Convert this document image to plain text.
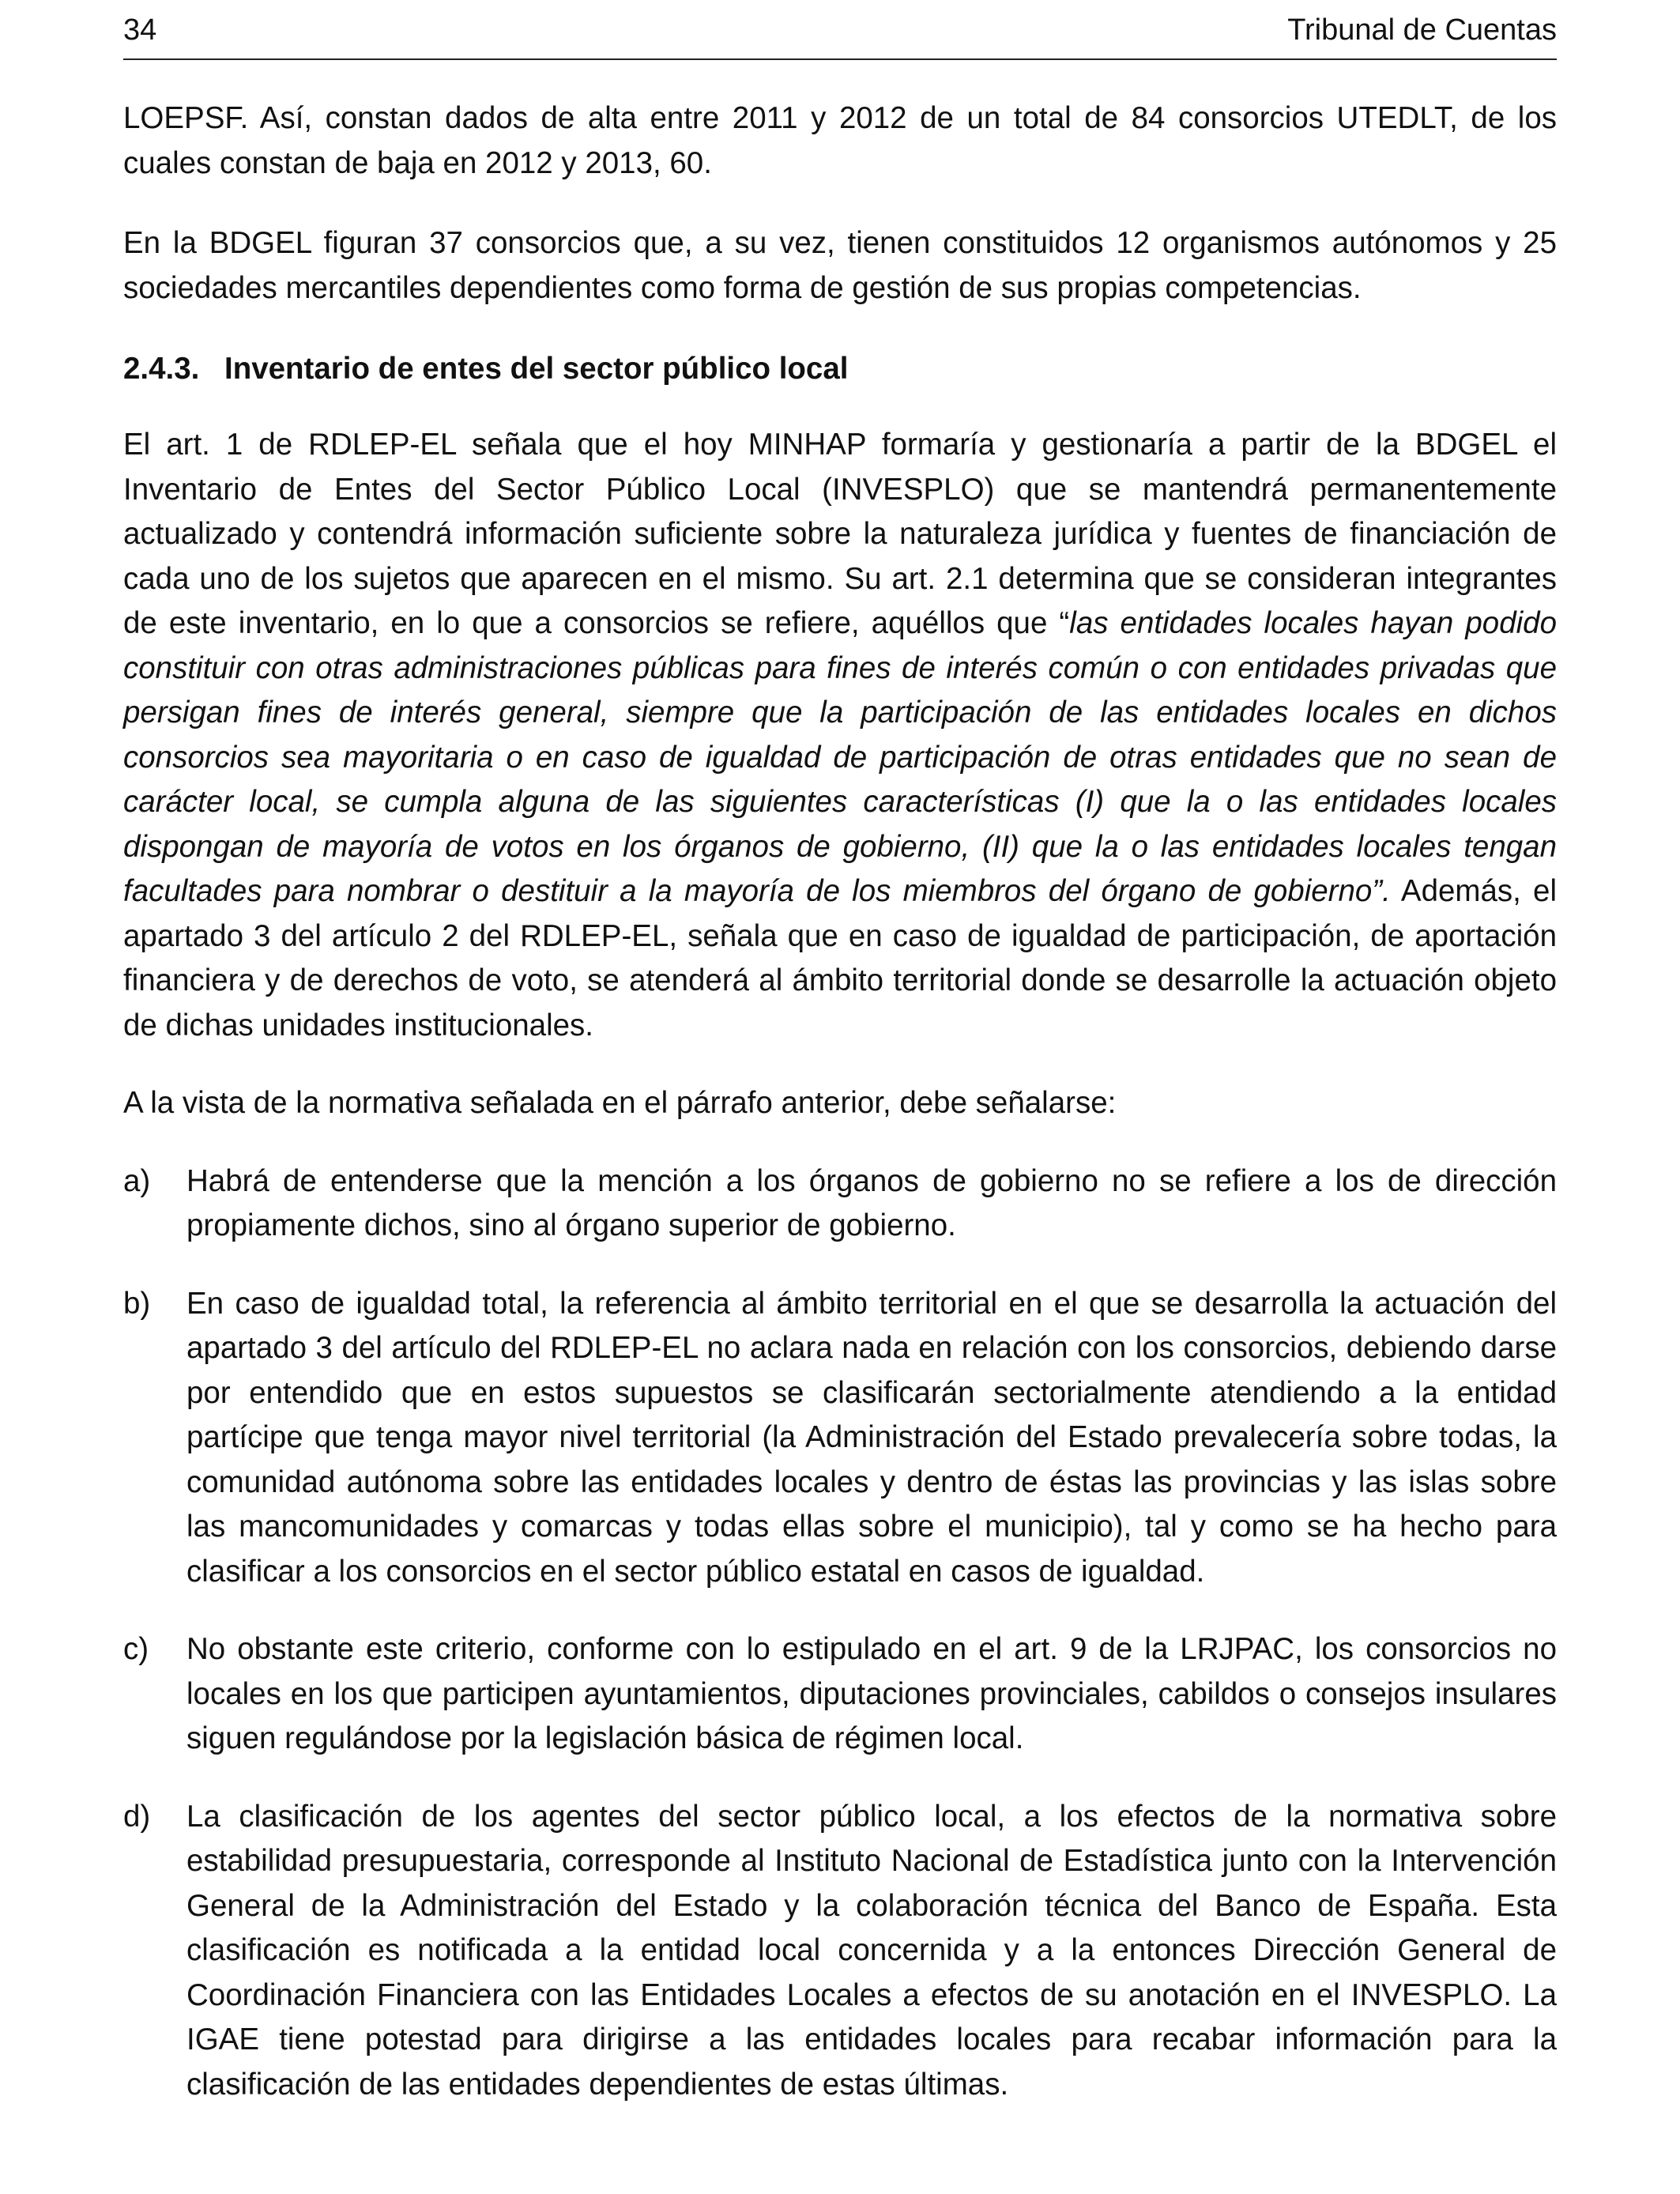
34	Tribunal de Cuentas

LOEPSF. Así, constan dados de alta entre 2011 y 2012 de un total de 84 consorcios UTEDLT, de los cuales constan de baja en 2012 y 2013, 60.

En la BDGEL figuran 37 consorcios que, a su vez, tienen constituidos 12 organismos autónomos y 25 sociedades mercantiles dependientes como forma de gestión de sus propias competencias.

2.4.3. Inventario de entes del sector público local

El art. 1 de RDLEP-EL señala que el hoy MINHAP formaría y gestionaría a partir de la BDGEL el Inventario de Entes del Sector Público Local (INVESPLO) que se mantendrá permanentemente actualizado y contendrá información suficiente sobre la naturaleza jurídica y fuentes de financiación de cada uno de los sujetos que aparecen en el mismo. Su art. 2.1 determina que se consideran integrantes de este inventario, en lo que a consorcios se refiere, aquéllos que “las entidades locales hayan podido constituir con otras administraciones públicas para fines de interés común o con entidades privadas que persigan fines de interés general, siempre que la participación de las entidades locales en dichos consorcios sea mayoritaria o en caso de igualdad de participación de otras entidades que no sean de carácter local, se cumpla alguna de las siguientes características (I) que la o las entidades locales dispongan de mayoría de votos en los órganos de gobierno, (II) que la o las entidades locales tengan facultades para nombrar o destituir a la mayoría de los miembros del órgano de gobierno”. Además, el apartado 3 del artículo 2 del RDLEP-EL, señala que en caso de igualdad de participación, de aportación financiera y de derechos de voto, se atenderá al ámbito territorial donde se desarrolle la actuación objeto de dichas unidades institucionales.

A la vista de la normativa señalada en el párrafo anterior, debe señalarse:

a)	Habrá de entenderse que la mención a los órganos de gobierno no se refiere a los de dirección propiamente dichos, sino al órgano superior de gobierno.
b)	En caso de igualdad total, la referencia al ámbito territorial en el que se desarrolla la actuación del apartado 3 del artículo del RDLEP-EL no aclara nada en relación con los consorcios, debiendo darse por entendido que en estos supuestos se clasificarán sectorialmente atendiendo a la entidad partícipe que tenga mayor nivel territorial (la Administración del Estado prevalecería sobre todas, la comunidad autónoma sobre las entidades locales y dentro de éstas las provincias y las islas sobre las mancomunidades y comarcas y todas ellas sobre el municipio), tal y como se ha hecho para clasificar a los consorcios en el sector público estatal en casos de igualdad.
c)	No obstante este criterio, conforme con lo estipulado en el art. 9 de la LRJPAC, los consorcios no locales en los que participen ayuntamientos, diputaciones provinciales, cabildos o consejos insulares siguen regulándose por la legislación básica de régimen local.
d)	La clasificación de los agentes del sector público local, a los efectos de la normativa sobre estabilidad presupuestaria, corresponde al Instituto Nacional de Estadística junto con la Intervención General de la Administración del Estado y la colaboración técnica del Banco de España. Esta clasificación es notificada a la entidad local concernida y a la entonces Dirección General de Coordinación Financiera con las Entidades Locales a efectos de su anotación en el INVESPLO. La IGAE tiene potestad para dirigirse a las entidades locales para recabar información para la clasificación de las entidades dependientes de estas últimas.
